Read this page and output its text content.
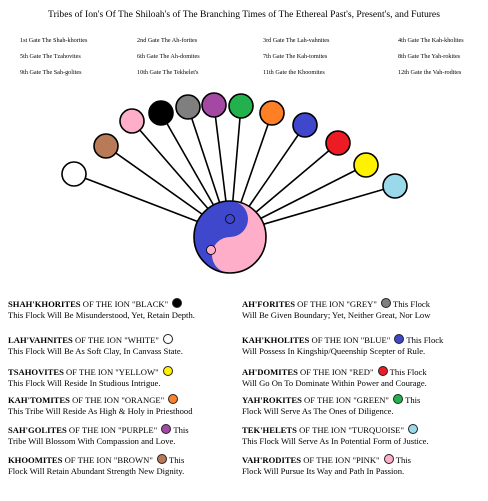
Tribes of Ion's Of The Shiloah's of The Branching Times of The Ethereal Past's, Present's, and Futures
1st Gate The Shah-khorites	2nd Gate The Ah-forites	3rd Gate The Lah-vahnites	4th Gate The Kah-kholites
5th Gate The Tzahovites	6th Gate The Ah-domites	7th Gate The Kah-tomites	8th Gate The Yah-rokites
9th Gate The Sah-golites	10th Gate The Tekhelet's	11th Gate the Khoomites	12th Gate the Vah-rodites
SHAH'KHORITES OF THE ION "BLACK"
This Flock Will Be Misunderstood, Yet, Retain Depth.
LAH'VAHNITES OF THE ION "WHITE"
This Flock Will Be As Soft Clay, In Canvass State.
TSAHOVITES OF THE ION "YELLOW"
This Flock Will Reside In Studious Intrigue.
KAH'TOMITES OF THE ION "ORANGE"
This Tribe Will Reside As High & Holy in Priesthood
SAH'GOLITES OF THE ION "PURPLE"  This
Tribe Will Blossom With Compassion and Love.
KHOOMITES OF THE ION "BROWN"  This
Flock Will Retain Abundant Strength New Dignity.
AH'FORITES OF THE ION "GREY"  This Flock
Will Be Given Boundary; Yet, Neither Great, Nor Low
KAH'KHOLITES OF THE ION "BLUE"  This Flock
Will Possess In Kingship/Queenship Scepter of Rule.
AH'DOMITES OF THE ION "RED"  This Flock
Will Go On To Dominate Within Power and Courage.
YAH'ROKITES OF THE ION "GREEN"  This
Flock Will Serve As The Ones of Diligence.
TEK'HELETS OF THE ION "TURQUOISE"
This Flock Will Serve As In Potential Form of Justice.
VAH'RODITES OF THE ION "PINK"  This
Flock Will Pursue Its Way and Path In Passion.
